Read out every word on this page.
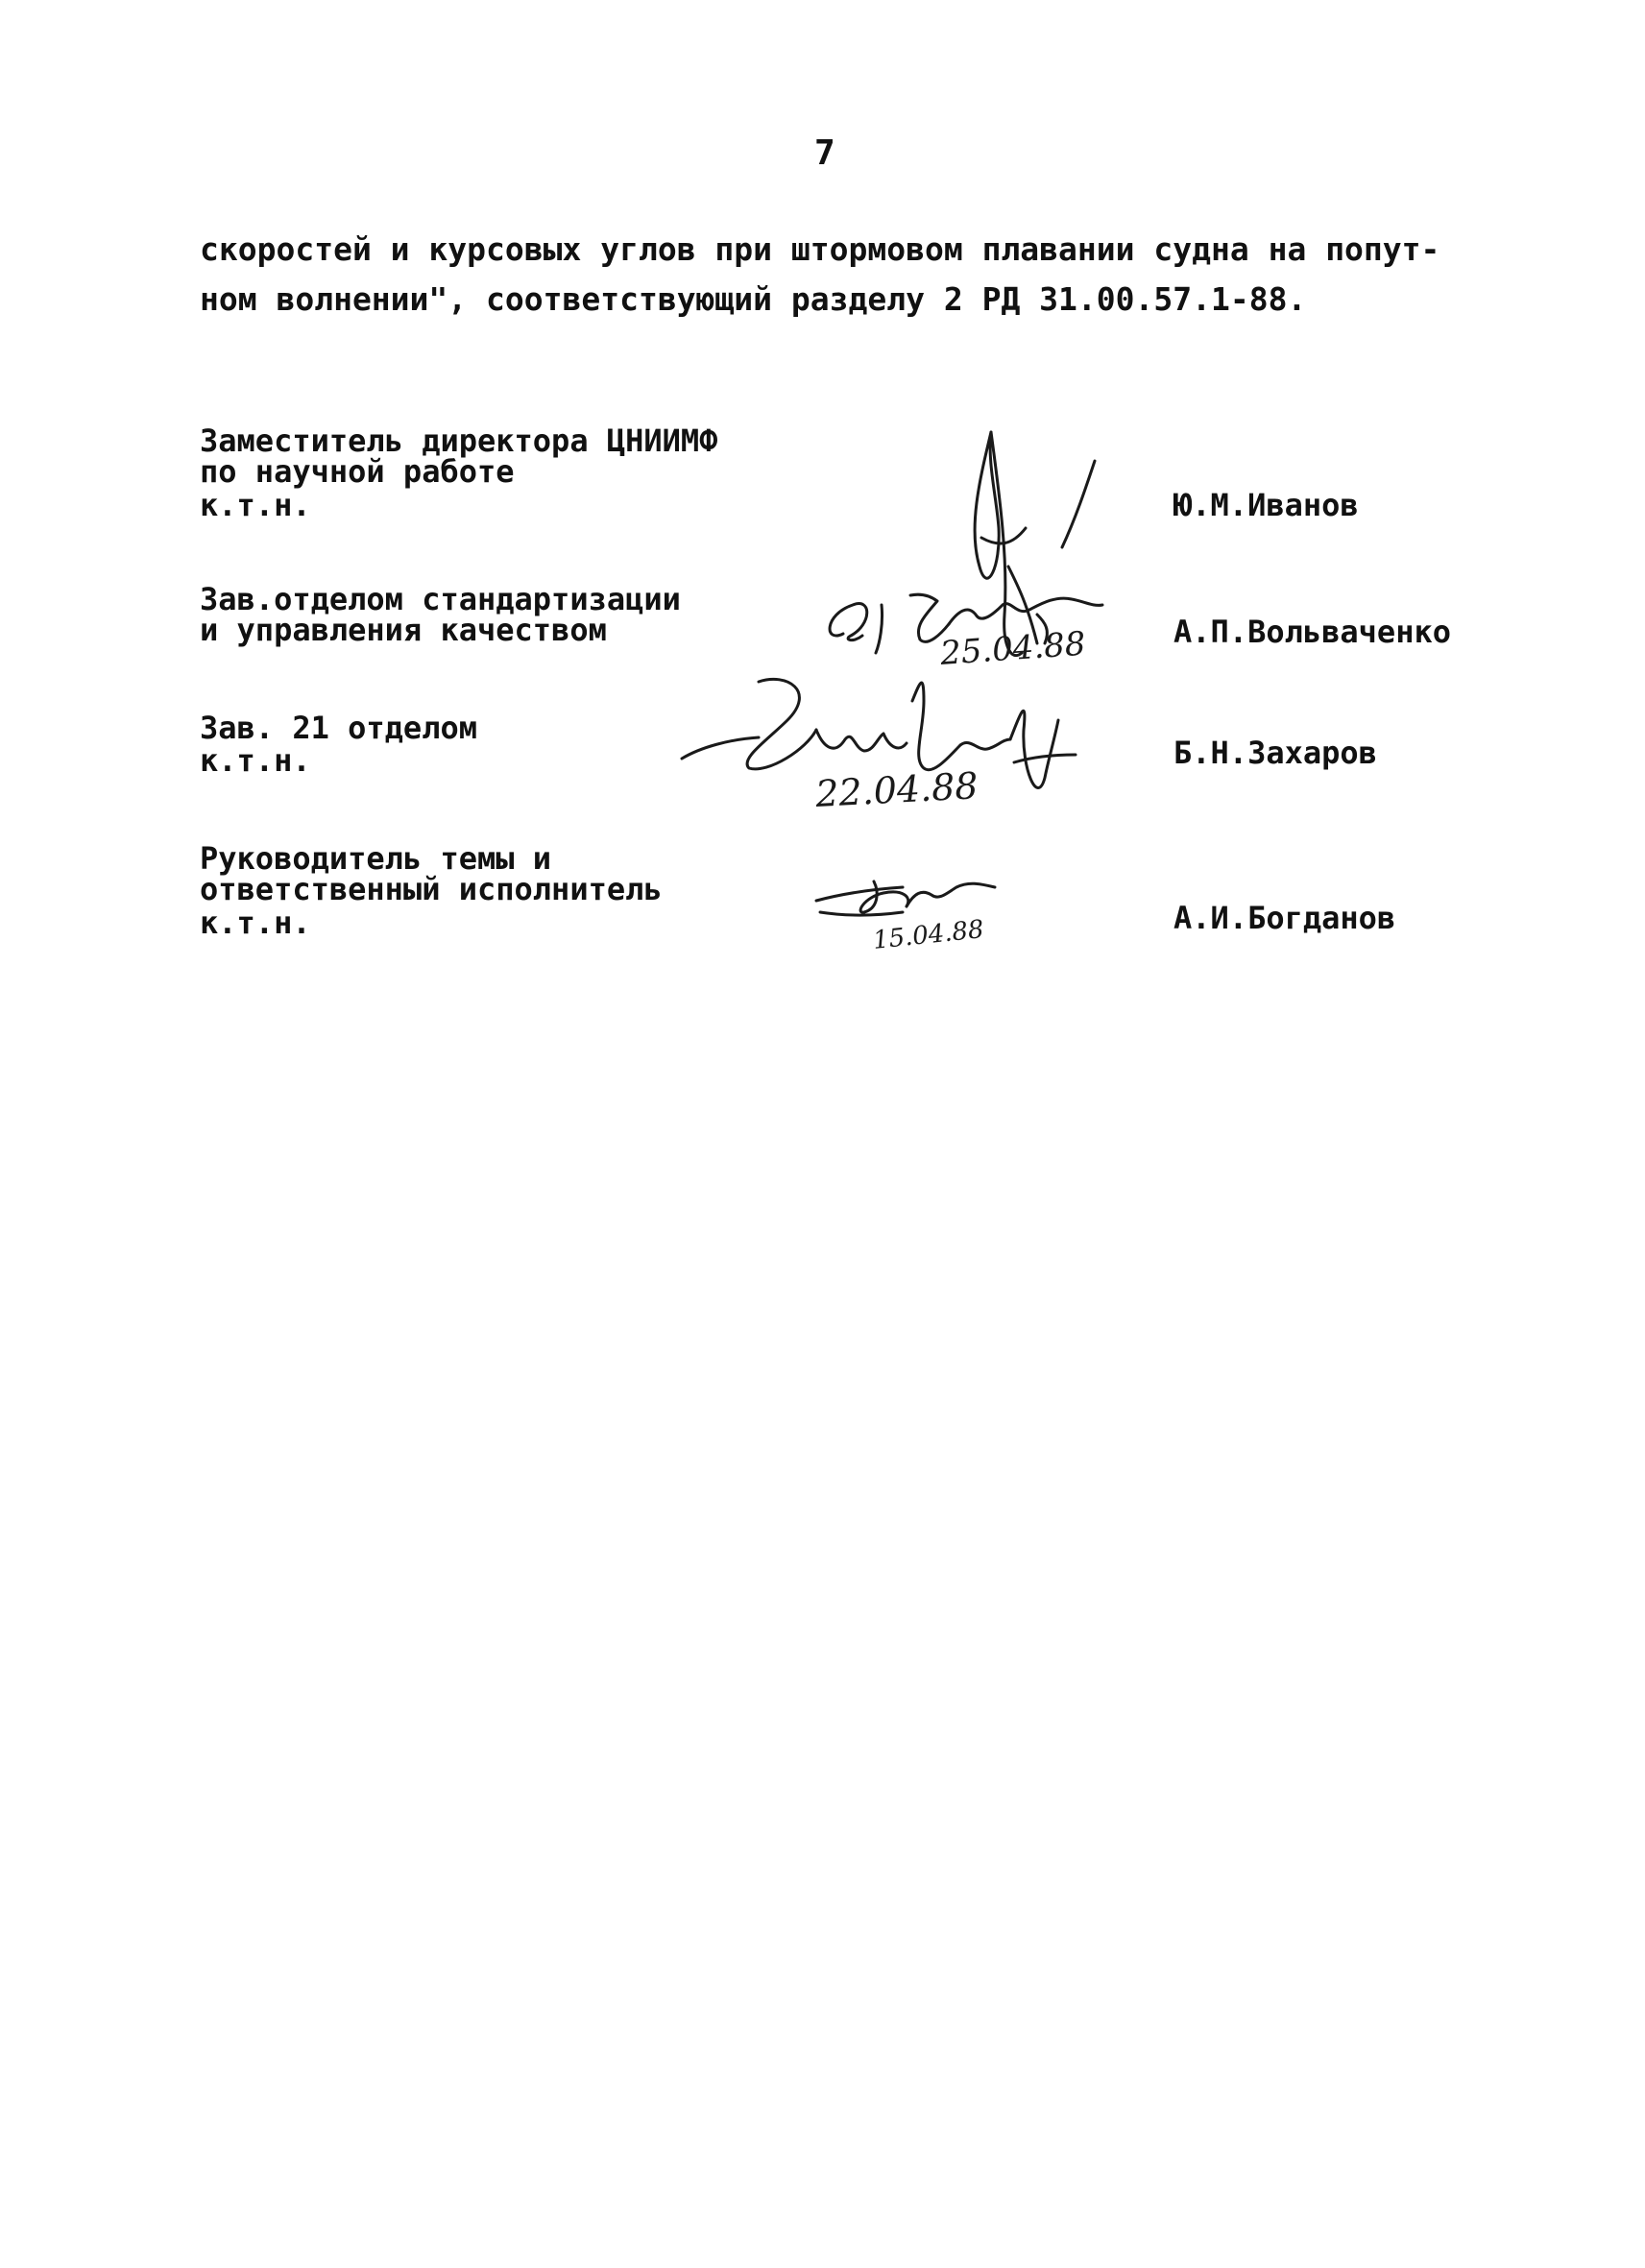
7
скоростей и курсовых углов при штормовом плавании судна на попут-
ном волнении", соответствующий разделу 2 РД 31.00.57.1-88.
Заместитель директора ЦНИИМФ
по научной работе
к.т.н.	Ю.М.Иванов
Зав.отделом стандартизации
и управления качеством	А.П.Вольваченко
Зав. 21 отделом
к.т.н.	Б.Н.Захаров
Руководитель темы и
ответственный исполнитель
к.т.н.	А.И.Богданов
25.04.88
22.04.88
15.04.88
